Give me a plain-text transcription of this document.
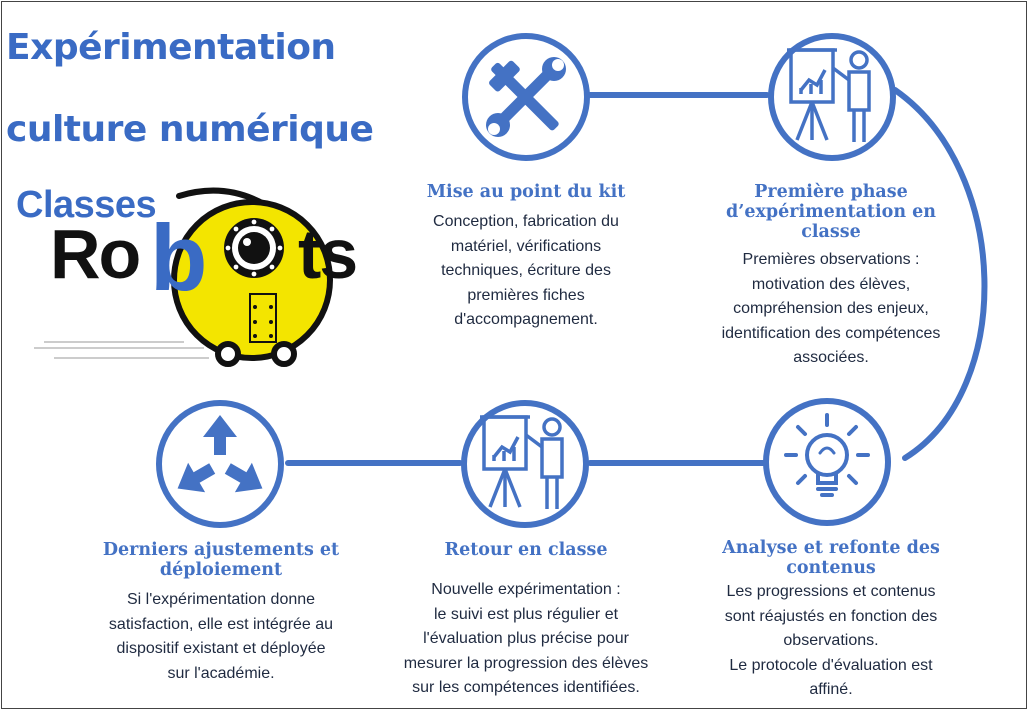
Expérimentation
culture numérique
Classes
Ro b ts
Mise au point du kit
Conception, fabrication du
matériel, vérifications
techniques, écriture des
premières fiches
d'accompagnement.
Première phase
d’expérimentation en
classe
Premières observations :
motivation des élèves,
compréhension des enjeux,
identification des compétences
associées.
Analyse et refonte des
contenus
Les progressions et contenus
sont réajustés en fonction des
observations.
Le protocole d'évaluation est
affiné.
Retour en classe
Nouvelle expérimentation :
le suivi est plus régulier et
l'évaluation plus précise pour
mesurer la progression des élèves
sur les compétences identifiées.
Derniers ajustements et
déploiement
Si l'expérimentation donne
satisfaction, elle est intégrée au
dispositif existant et déployée
sur l'académie.
